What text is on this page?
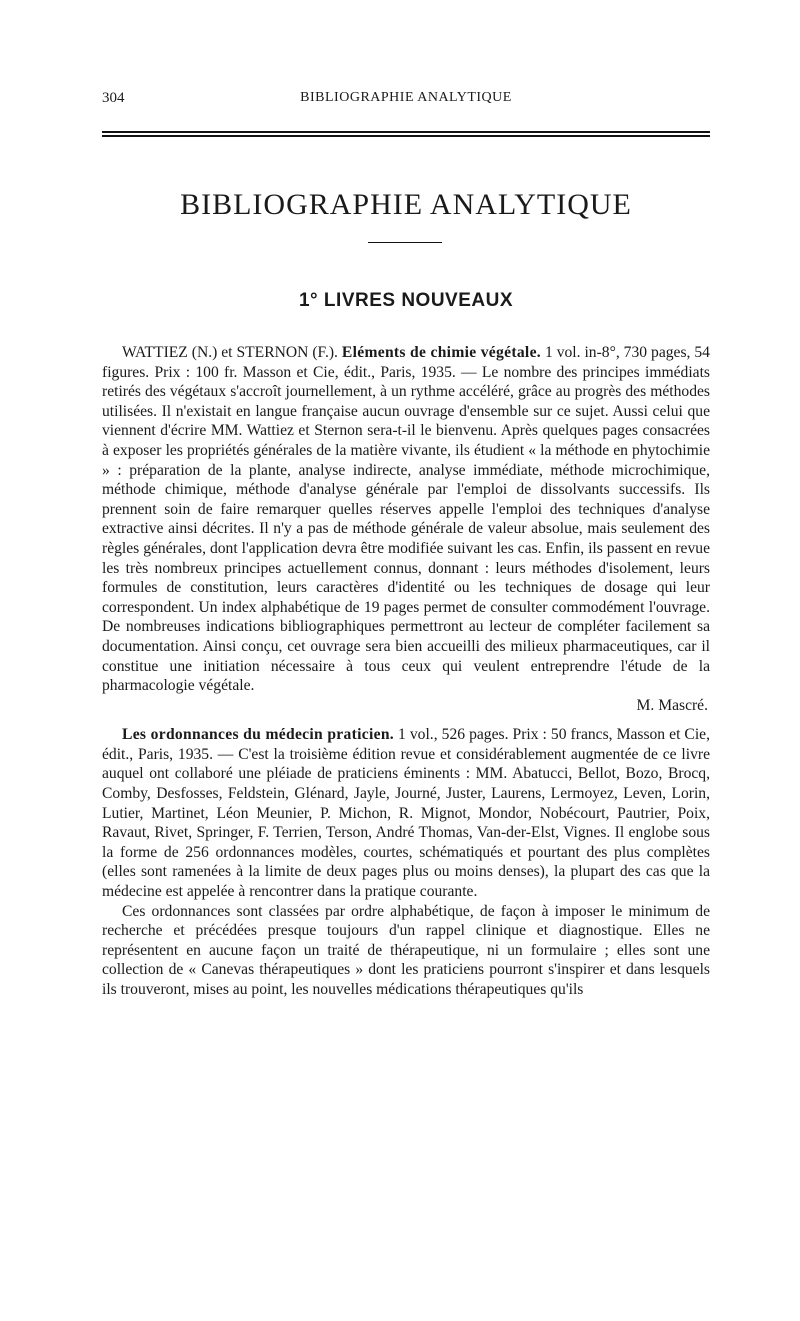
304	BIBLIOGRAPHIE ANALYTIQUE
BIBLIOGRAPHIE ANALYTIQUE
1° LIVRES NOUVEAUX

WATTIEZ (N.) et STERNON (F.). Eléments de chimie végétale. 1 vol. in-8°, 730 pages, 54 figures. Prix : 100 fr. Masson et Cie, édit., Paris, 1935. — Le nombre des principes immédiats retirés des végétaux s'accroît journellement, à un rythme accéléré, grâce au progrès des méthodes utilisées. Il n'existait en langue française aucun ouvrage d'ensemble sur ce sujet. Aussi celui que viennent d'écrire MM. Wattiez et Sternon sera-t-il le bienvenu. Après quelques pages consacrées à exposer les propriétés générales de la matière vivante, ils étudient « la méthode en phytochimie » : préparation de la plante, analyse indirecte, analyse immédiate, méthode microchimique, méthode chimique, méthode d'analyse générale par l'emploi de dissolvants successifs. Ils prennent soin de faire remarquer quelles réserves appelle l'emploi des techniques d'analyse extractive ainsi décrites. Il n'y a pas de méthode générale de valeur absolue, mais seulement des règles générales, dont l'application devra être modifiée suivant les cas. Enfin, ils passent en revue les très nombreux principes actuellement connus, donnant : leurs méthodes d'isolement, leurs formules de constitution, leurs caractères d'identité ou les techniques de dosage qui leur correspondent. Un index alphabétique de 19 pages permet de consulter commodément l'ouvrage. De nombreuses indications bibliographiques permettront au lecteur de compléter facilement sa documentation. Ainsi conçu, cet ouvrage sera bien accueilli des milieux pharmaceutiques, car il constitue une initiation nécessaire à tous ceux qui veulent entreprendre l'étude de la pharmacologie végétale.

M. Mascré.

Les ordonnances du médecin praticien. 1 vol., 526 pages. Prix : 50 francs, Masson et Cie, édit., Paris, 1935. — C'est la troisième édition revue et considérablement augmentée de ce livre auquel ont collaboré une pléiade de praticiens éminents : MM. Abatucci, Bellot, Bozo, Brocq, Comby, Desfosses, Feldstein, Glénard, Jayle, Journé, Juster, Laurens, Lermoyez, Leven, Lorin, Lutier, Martinet, Léon Meunier, P. Michon, R. Mignot, Mondor, Nobécourt, Pautrier, Poix, Ravaut, Rivet, Springer, F. Terrien, Terson, André Thomas, Van-der-Elst, Vignes. Il englobe sous la forme de 256 ordonnances modèles, courtes, schématiqués et pourtant des plus complètes (elles sont ramenées à la limite de deux pages plus ou moins denses), la plupart des cas que la médecine est appelée à rencontrer dans la pratique courante.

Ces ordonnances sont classées par ordre alphabétique, de façon à imposer le minimum de recherche et précédées presque toujours d'un rappel clinique et diagnostique. Elles ne représentent en aucune façon un traité de thérapeutique, ni un formulaire ; elles sont une collection de « Canevas thérapeutiques » dont les praticiens pourront s'inspirer et dans lesquels ils trouveront, mises au point, les nouvelles médications thérapeutiques qu'ils
